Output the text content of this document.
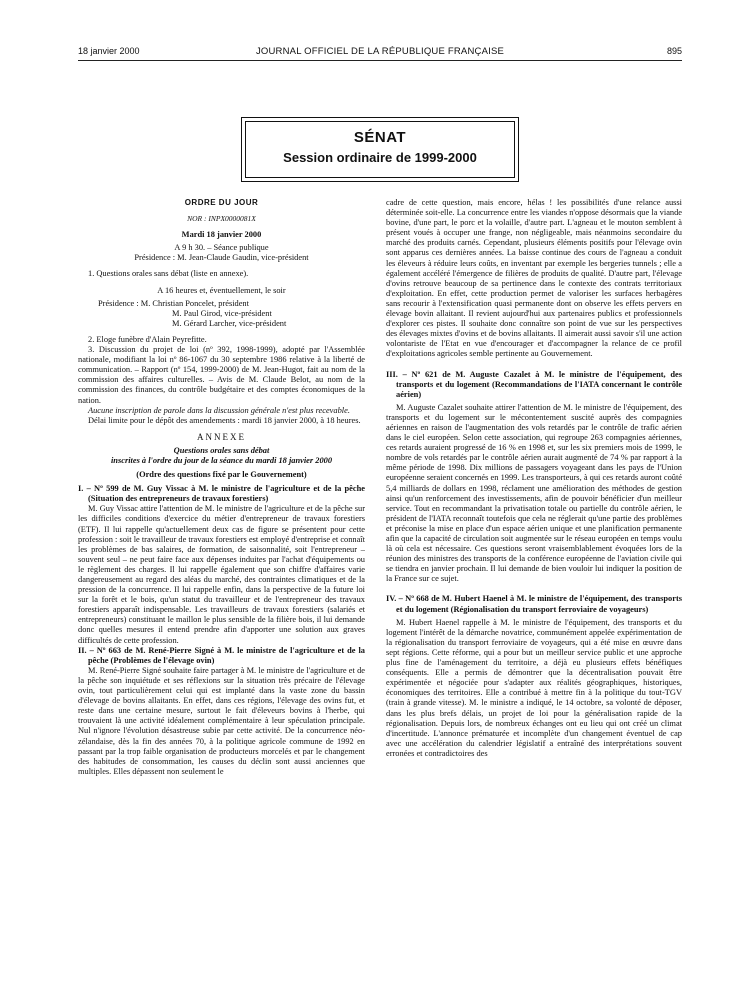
18 janvier 2000	JOURNAL OFFICIEL DE LA RÉPUBLIQUE FRANÇAISE	895
SÉNAT
Session ordinaire de 1999-2000

ORDRE DU JOUR

NOR : INPX0000081X

Mardi 18 janvier 2000

A 9 h 30. – Séance publique

Présidence : M. Jean-Claude Gaudin, vice-président

1. Questions orales sans débat (liste en annexe).

A 16 heures et, éventuellement, le soir

Présidence : M. Christian Poncelet, président

M. Paul Girod, vice-président

M. Gérard Larcher, vice-président

2. Eloge funèbre d'Alain Peyrefitte.

3. Discussion du projet de loi (nº 392, 1998-1999), adopté par l'Assemblée nationale, modifiant la loi nº 86-1067 du 30 septembre 1986 relative à la liberté de communication. – Rapport (nº 154, 1999-2000) de M. Jean-Hugot, fait au nom de la commission des affaires culturelles. – Avis de M. Claude Belot, au nom de la commission des finances, du contrôle budgétaire et des comptes économiques de la nation.

Aucune inscription de parole dans la discussion générale n'est plus recevable.

Délai limite pour le dépôt des amendements : mardi 18 janvier 2000, à 18 heures.

ANNEXE

Questions orales sans débat

inscrites à l'ordre du jour de la séance du mardi 18 janvier 2000

(Ordre des questions fixé par le Gouvernement)

I. – Nº 599 de M. Guy Vissac à M. le ministre de l'agriculture et de la pêche (Situation des entrepreneurs de travaux forestiers)

M. Guy Vissac attire l'attention de M. le ministre de l'agriculture et de la pêche sur les difficiles conditions d'exercice du métier d'entrepreneur de travaux forestiers (ETF). Il lui rappelle qu'actuellement deux cas de figure se présentent pour cette profession : soit le travailleur de travaux forestiers est employé d'entreprise et connaît les problèmes de bas salaires, de formation, de saisonnalité, soit l'entrepreneur – souvent seul – ne peut faire face aux dépenses induites par l'achat d'équipements ou le règlement des charges. Il lui rappelle également que son chiffre d'affaires varie dangereusement au regard des aléas du marché, des contraintes climatiques et de la pression de la concurrence. Il lui rappelle enfin, dans la perspective de la future loi sur la forêt et le bois, qu'un statut du travailleur et de l'entrepreneur des travaux forestiers apparaît indispensable. Les travailleurs de travaux forestiers (salariés et entrepreneurs) constituant le maillon le plus sensible de la filière bois, il lui demande donc quelles mesures il entend prendre afin d'apporter une solution aux graves difficultés de cette profession.

II. – Nº 663 de M. René-Pierre Signé à M. le ministre de l'agriculture et de la pêche (Problèmes de l'élevage ovin)

M. René-Pierre Signé souhaite faire partager à M. le ministre de l'agriculture et de la pêche son inquiétude et ses réflexions sur la situation très précaire de l'élevage ovin, tout particulièrement celui qui est implanté dans la vaste zone du bassin d'élevage de bovins allaitants. En effet, dans ces régions, l'élevage des ovins fut, et reste dans une certaine mesure, surtout le fait d'éleveurs bovins à l'herbe, qui trouvaient là une activité idéalement complémentaire à leur spéculation principale. Nul n'ignore l'évolution désastreuse subie par cette activité. De la concurrence néo-zélandaise, dès la fin des années 70, à la politique agricole commune de 1992 en passant par la trop faible organisation de producteurs morcelés et par le changement des habitudes de consommation, les causes du déclin sont aussi anciennes que multiples. Elles dépassent non seulement le

cadre de cette question, mais encore, hélas ! les possibilités d'une relance aussi déterminée soit-elle. La concurrence entre les viandes n'oppose désormais que la viande bovine, d'une part, le porc et la volaille, d'autre part. L'agneau et le mouton semblent à présent voués à occuper une frange, non négligeable, mais néanmoins secondaire du marché des produits carnés. Cependant, plusieurs éléments positifs pour l'élevage ovin sont apparus ces dernières années. La baisse continue des cours de l'agneau a conduit les éleveurs à réduire leurs coûts, en inventant par exemple les bergeries tunnels ; elle a également accéléré l'émergence de filières de produits de qualité. D'autre part, l'élevage d'ovins retrouve beaucoup de sa pertinence dans le contexte des contrats territoriaux d'exploitation. En effet, cette production permet de valoriser les surfaces herbagères sans recourir à l'extensification quasi permanente dont on observe les effets pervers en élevage bovin allaitant. Il revient aujourd'hui aux partenaires publics et professionnels d'explorer ces pistes. Il souhaite donc connaître son point de vue sur les perspectives des élevages mixtes d'ovins et de bovins allaitants. Il aimerait aussi savoir s'il une action volontariste de l'Etat en vue d'encourager et d'accompagner la relance de ce profil d'exploitations agricoles semble pertinente au Gouvernement.

III. – Nº 621 de M. Auguste Cazalet à M. le ministre de l'équipement, des transports et du logement (Recommandations de l'IATA concernant le contrôle aérien)

M. Auguste Cazalet souhaite attirer l'attention de M. le ministre de l'équipement, des transports et du logement sur le mécontentement suscité auprès des compagnies aériennes en raison de l'augmentation des vols retardés par le contrôle de trafic aérien dans le ciel européen. Selon cette association, qui regroupe 263 compagnies aériennes, ces retards auraient progressé de 16 % en 1998 et, sur les six premiers mois de 1999, le nombre de vols retardés par le contrôle aérien aurait augmenté de 74 % par rapport à la même période de 1998. Dix millions de passagers voyageant dans les pays de l'Union européenne seraient concernés en 1999. Les transporteurs, à qui ces retards auront coûté 5,4 milliards de dollars en 1998, réclament une amélioration des méthodes de gestion ainsi qu'un renforcement des investissements, afin de pouvoir bénéficier d'un meilleur service. Tout en recommandant la privatisation totale ou partielle du contrôle aérien, le président de l'IATA reconnaît toutefois que cela ne réglerait qu'une partie des problèmes et préconise la mise en place d'un espace aérien unique et une planification permanente afin que la capacité de circulation soit augmentée sur le réseau européen en temps voulu là où cela est nécessaire. Ces questions seront vraisemblablement évoquées lors de la réunion des ministres des transports de la conférence européenne de l'aviation civile qui se tiendra en janvier prochain. Il lui demande de bien vouloir lui indiquer la position de la France sur ce sujet.

IV. – Nº 668 de M. Hubert Haenel à M. le ministre de l'équipement, des transports et du logement (Régionalisation du transport ferroviaire de voyageurs)

M. Hubert Haenel rappelle à M. le ministre de l'équipement, des transports et du logement l'intérêt de la démarche novatrice, communément appelée expérimentation de la régionalisation du transport ferroviaire de voyageurs, qui a été mise en œuvre dans sept régions. Cette réforme, qui a pour but un meilleur service public et une approche plus fine de l'aménagement du territoire, a déjà eu plusieurs effets bénéfiques conséquents. Elle a permis de démontrer que la décentralisation pouvait être expérimentée et négociée pour s'adapter aux réalités géographiques, historiques, économiques des territoires. Elle a contribué à mettre fin à la politique du tout-TGV (train à grande vitesse). M. le ministre a indiqué, le 14 octobre, sa volonté de déposer, dans les plus brefs délais, un projet de loi pour la généralisation rapide de la régionalisation. Depuis lors, de nombreux échanges ont eu lieu qui ont créé un climat d'incertitude. L'annonce prématurée et incomplète d'un changement éventuel de cap avec une accélération du calendrier législatif a entraîné des interprétations souvent erronées et contradictoires des
